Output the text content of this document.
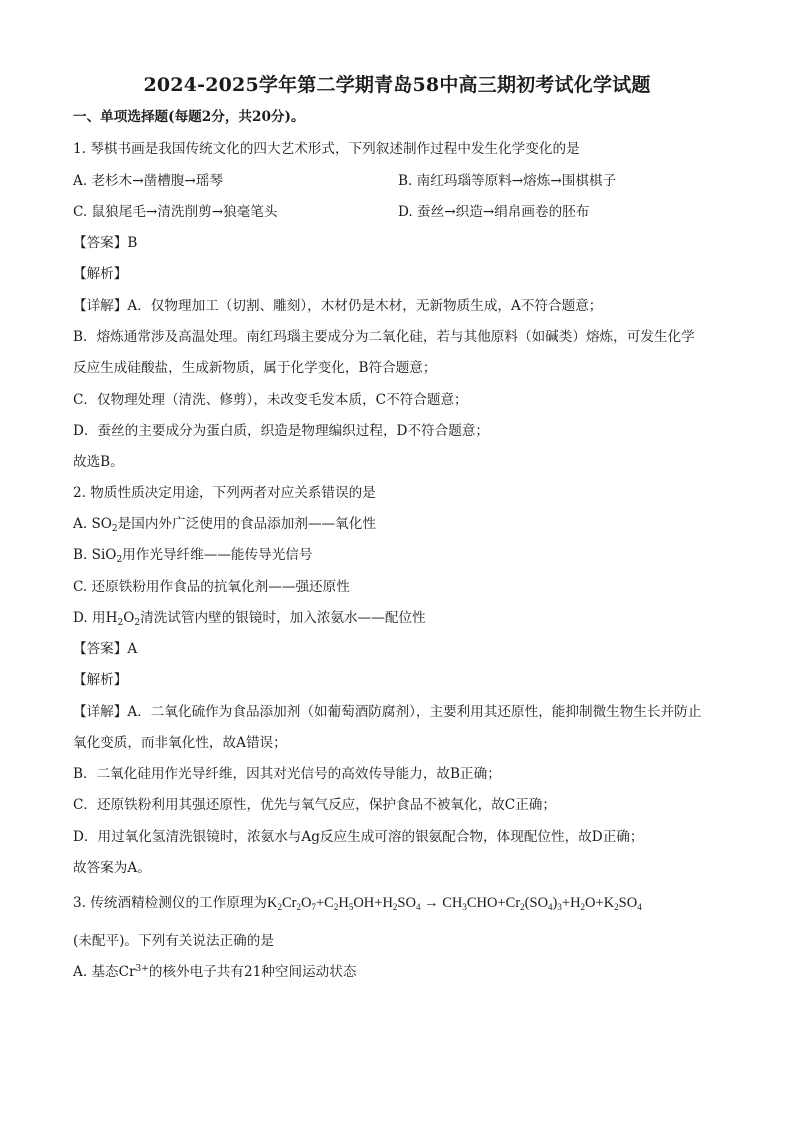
2024-2025学年第二学期青岛58中高三期初考试化学试题
一、单项选择题(每题2分，共20分)。
1. 琴棋书画是我国传统文化的四大艺术形式，下列叙述制作过程中发生化学变化的是
A. 老杉木→凿槽腹→瑶琴	B. 南红玛瑙等原料→熔炼→围棋棋子
C. 鼠狼尾毛→清洗削剪→狼毫笔头	D. 蚕丝→织造→绢帛画卷的胚布
【答案】B
【解析】
【详解】A．仅物理加工（切割、雕刻），木材仍是木材，无新物质生成，A不符合题意；
B．熔炼通常涉及高温处理。南红玛瑙主要成分为二氧化硅，若与其他原料（如碱类）熔炼，可发生化学
反应生成硅酸盐，生成新物质，属于化学变化，B符合题意；
C．仅物理处理（清洗、修剪），未改变毛发本质，C不符合题意；
D．蚕丝的主要成分为蛋白质，织造是物理编织过程，D不符合题意；
故选B。
2. 物质性质决定用途，下列两者对应关系错误的是
A. $SO_2$是国内外广泛使用的食品添加剂——氧化性
B. SiO$_2$用作光导纤维——能传导光信号
C. 还原铁粉用作食品的抗氧化剂——强还原性
D. 用$H_2O_2$清洗试管内壁的银镜时，加入浓氨水——配位性
【答案】A
【解析】
【详解】A．二氧化硫作为食品添加剂（如葡萄酒防腐剂），主要利用其还原性，能抑制微生物生长并防止
氧化变质，而非氧化性，故A错误；
B．二氧化硅用作光导纤维，因其对光信号的高效传导能力，故B正确；
C．还原铁粉利用其强还原性，优先与氧气反应，保护食品不被氧化，故C正确；
D．用过氧化氢清洗银镜时，浓氨水与Ag反应生成可溶的银氨配合物，体现配位性，故D正确；
故答案为A。
3. 传统酒精检测仪的工作原理为$K_2Cr_2O_7+C_2H_5OH+H_2SO_4 \to CH_3CHO+Cr_2(SO_4)_3+H_2O+K_2SO_4$
(未配平)。下列有关说法正确的是
A. 基态$Cr^{3+}$的核外电子共有21种空间运动状态
